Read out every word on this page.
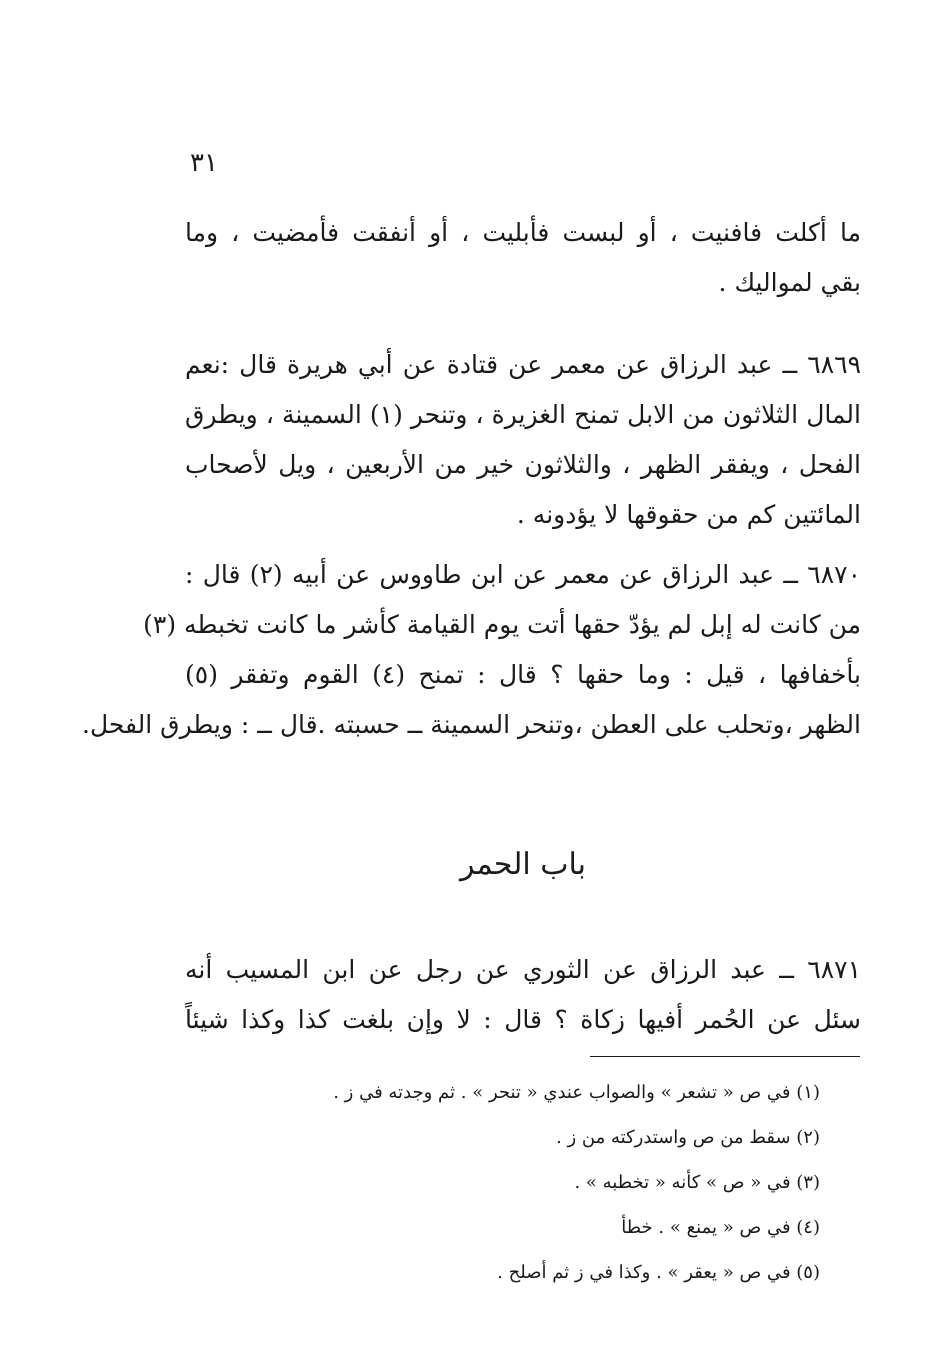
٣١
ما أكلت فافنيت ، أو لبست فأبليت ، أو أنفقت فأمضيت ، وما
بقي لمواليك .
٦٨٦٩ ــ عبد الرزاق عن معمر عن قتادة عن أبي هريرة قال :نعم
المال الثلاثون من الابل تمنح الغزيرة ، وتنحر (١) السمينة ، ويطرق
الفحل ، ويفقر الظهر ، والثلاثون خير من الأربعين ، ويل لأصحاب
المائتين كم من حقوقها لا يؤدونه .
٦٨٧٠ ــ عبد الرزاق عن معمر عن ابن طاووس عن أبيه (٢) قال :
من كانت له إبل لم يؤدّ حقها أتت يوم القيامة كأشر ما كانت تخبطه (٣)
بأخفافها ، قيل : وما حقها ؟ قال : تمنح (٤) القوم وتفقر (٥)
الظهر ،وتحلب على العطن ،وتنحر السمينة ــ حسبته .قال ــ : ويطرق الفحل.
باب الحمر
٦٨٧١ ــ عبد الرزاق عن الثوري عن رجل عن ابن المسيب أنه
سئل عن الحُمر أفيها زكاة ؟ قال : لا وإن بلغت كذا وكذا شيئاً
(١) في ص « تشعر » والصواب عندي « تنحر » . ثم وجدته في ز .
(٢) سقط من ص واستدركته من ز .
(٣) في « ص » كأنه « تخطبه » .
(٤) في ص « يمنع » . خطأ
(٥) في ص « يعقر » . وكذا في ز ثم أصلح .
